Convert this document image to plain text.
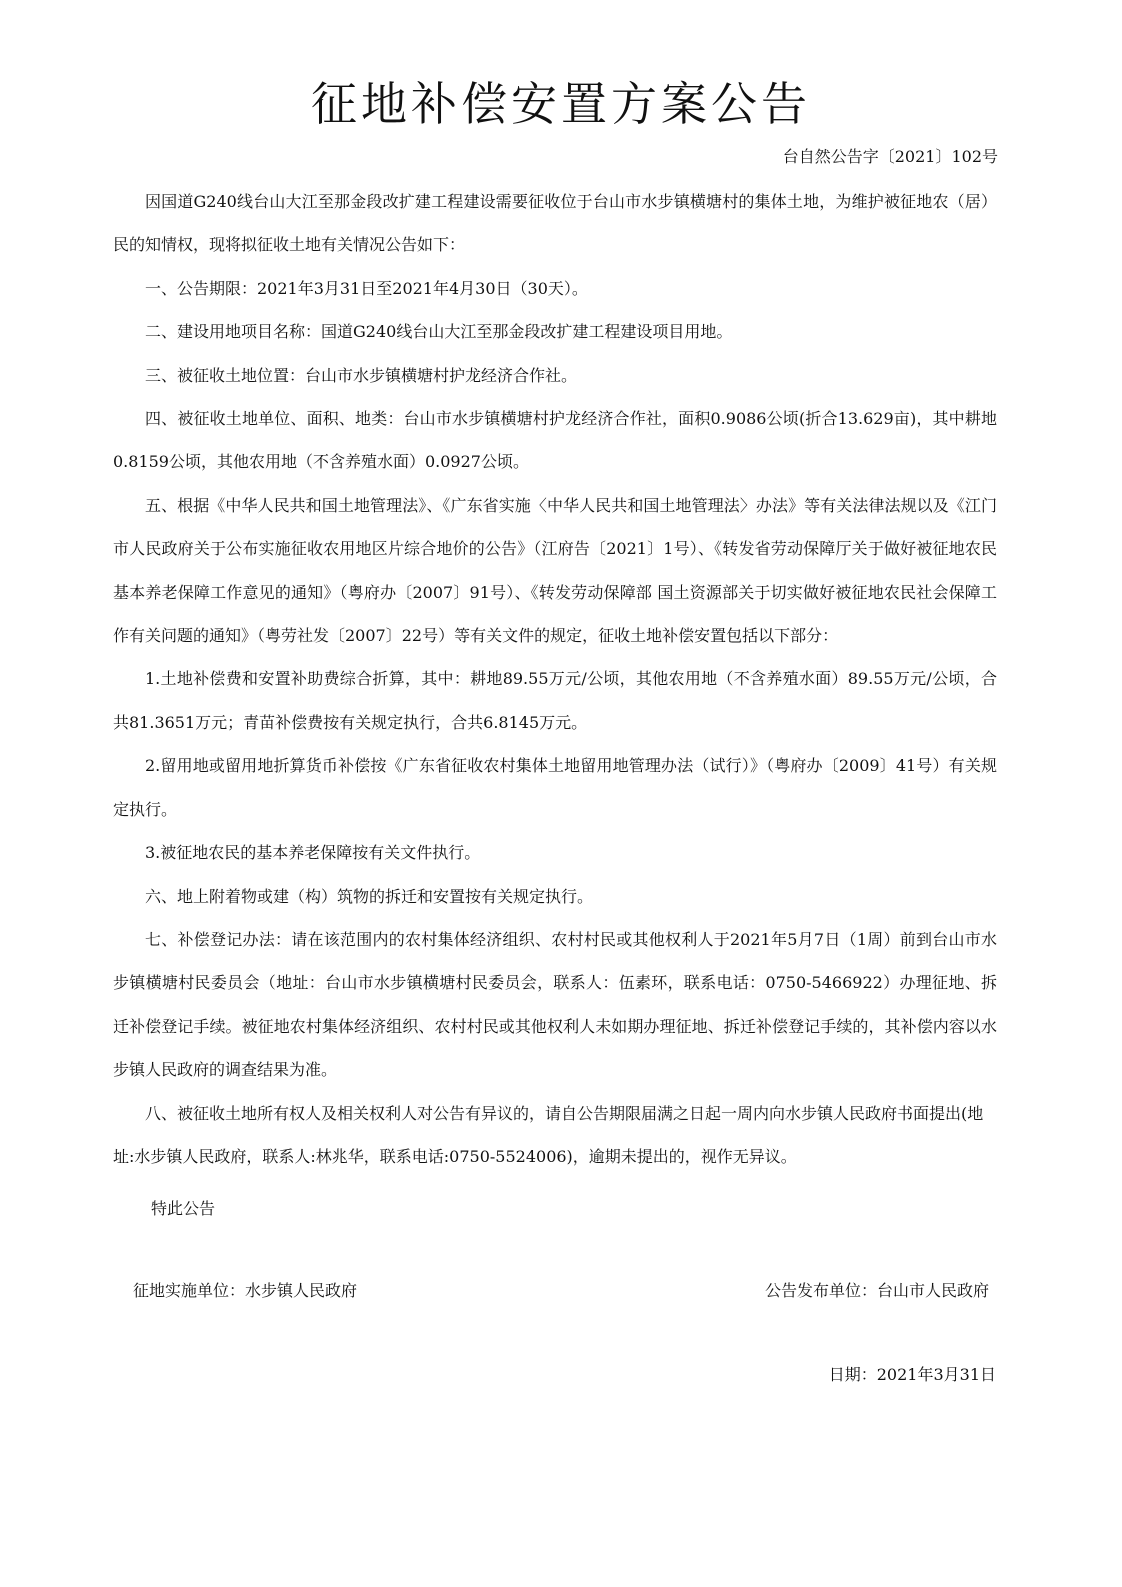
征地补偿安置方案公告
台自然公告字〔2021〕102号

因国道G240线台山大江至那金段改扩建工程建设需要征收位于台山市水步镇横塘村的集体土地，为维护被征地农（居）民的知情权，现将拟征收土地有关情况公告如下：

一、公告期限：2021年3月31日至2021年4月30日（30天）。

二、建设用地项目名称：国道G240线台山大江至那金段改扩建工程建设项目用地。

三、被征收土地位置：台山市水步镇横塘村护龙经济合作社。

四、被征收土地单位、面积、地类：台山市水步镇横塘村护龙经济合作社，面积0.9086公顷(折合13.629亩)，其中耕地0.8159公顷，其他农用地（不含养殖水面）0.0927公顷。

五、根据《中华人民共和国土地管理法》、《广东省实施〈中华人民共和国土地管理法〉办法》等有关法律法规以及《江门市人民政府关于公布实施征收农用地区片综合地价的公告》（江府告〔2021〕1号）、《转发省劳动保障厅关于做好被征地农民基本养老保障工作意见的通知》（粤府办〔2007〕91号）、《转发劳动保障部 国土资源部关于切实做好被征地农民社会保障工作有关问题的通知》（粤劳社发〔2007〕22号）等有关文件的规定，征收土地补偿安置包括以下部分：

1.土地补偿费和安置补助费综合折算，其中：耕地89.55万元/公顷，其他农用地（不含养殖水面）89.55万元/公顷，合共81.3651万元；青苗补偿费按有关规定执行，合共6.8145万元。

2.留用地或留用地折算货币补偿按《广东省征收农村集体土地留用地管理办法（试行）》（粤府办〔2009〕41号）有关规定执行。

3.被征地农民的基本养老保障按有关文件执行。

六、地上附着物或建（构）筑物的拆迁和安置按有关规定执行。

七、补偿登记办法：请在该范围内的农村集体经济组织、农村村民或其他权利人于2021年5月7日（1周）前到台山市水步镇横塘村民委员会（地址：台山市水步镇横塘村民委员会，联系人：伍素环，联系电话：0750-5466922）办理征地、拆迁补偿登记手续。被征地农村集体经济组织、农村村民或其他权利人未如期办理征地、拆迁补偿登记手续的，其补偿内容以水步镇人民政府的调查结果为准。

八、被征收土地所有权人及相关权利人对公告有异议的，请自公告期限届满之日起一周内向水步镇人民政府书面提出(地址:水步镇人民政府，联系人:林兆华，联系电话:0750-5524006)，逾期未提出的，视作无异议。

特此公告

征地实施单位：水步镇人民政府	公告发布单位：台山市人民政府

日期：2021年3月31日
